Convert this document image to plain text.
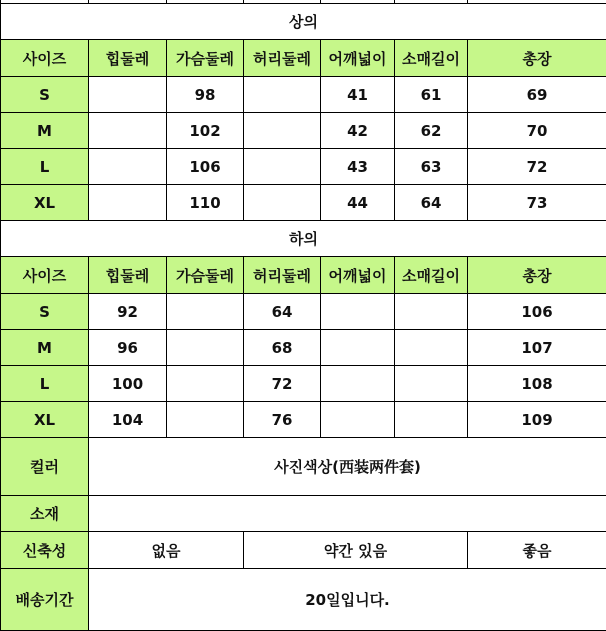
상의						
사이즈	힙둘레	가슴둘레	허리둘레	어깨넓이	소매길이	총장
S		98		41	61	69
M		102		42	62	70
L		106		43	63	72
XL		110		44	64	73
하의						
사이즈	힙둘레	가슴둘레	허리둘레	어깨넓이	소매길이	총장
S	92		64			106
M	96		68			107
L	100		72			108
XL	104		76			109
컬러	사진색상(西装两件套)					
소재						
신축성	없음		약간 있음			좋음
배송기간	20일입니다.					
